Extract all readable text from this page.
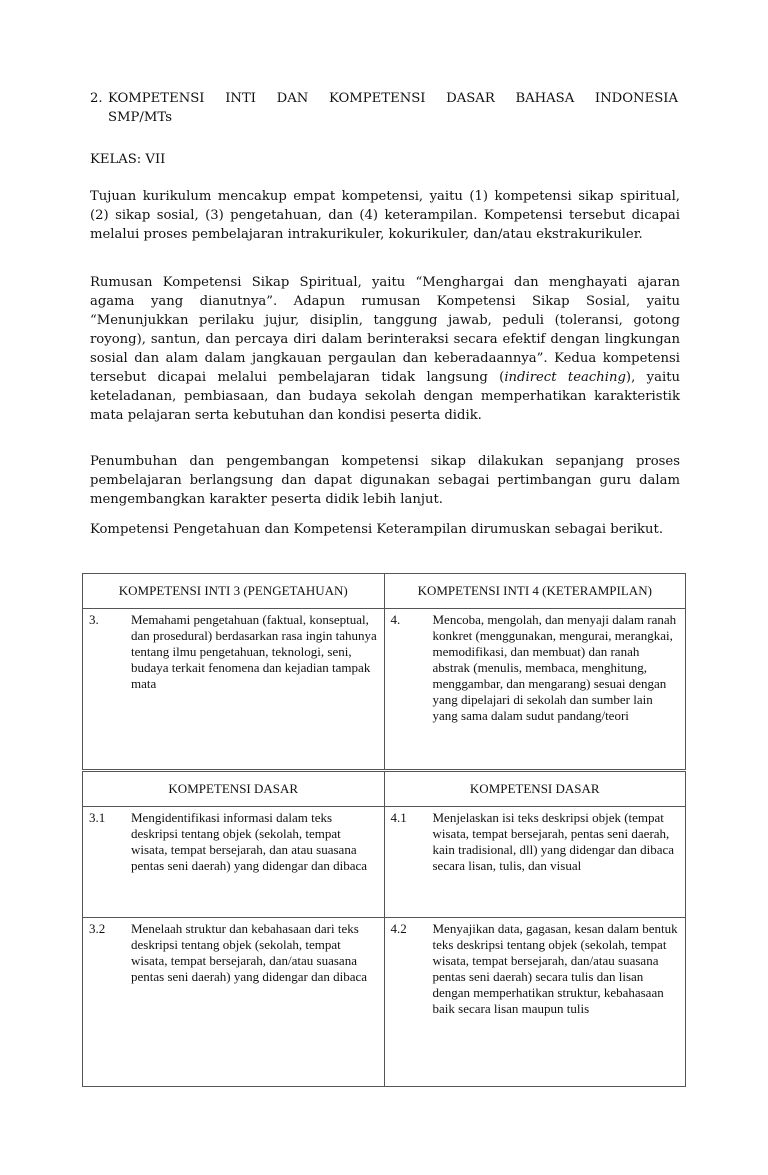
2. KOMPETENSI INTI DAN KOMPETENSI DASAR BAHASA INDONESIA
SMP/MTs

KELAS: VII

Tujuan kurikulum mencakup empat kompetensi, yaitu (1) kompetensi sikap spiritual, (2) sikap sosial, (3) pengetahuan, dan (4) keterampilan. Kompetensi tersebut dicapai melalui proses pembelajaran intrakurikuler, kokurikuler, dan/atau ekstrakurikuler.

Rumusan Kompetensi Sikap Spiritual, yaitu “Menghargai dan menghayati ajaran agama yang dianutnya”. Adapun rumusan Kompetensi Sikap Sosial, yaitu “Menunjukkan perilaku jujur, disiplin, tanggung jawab, peduli (toleransi, gotong royong), santun, dan percaya diri dalam berinteraksi secara efektif dengan lingkungan sosial dan alam dalam jangkauan pergaulan dan keberadaannya”. Kedua kompetensi tersebut dicapai melalui pembelajaran tidak langsung (indirect teaching), yaitu keteladanan, pembiasaan, dan budaya sekolah dengan memperhatikan karakteristik mata pelajaran serta kebutuhan dan kondisi peserta didik.

Penumbuhan dan pengembangan kompetensi sikap dilakukan sepanjang proses pembelajaran berlangsung dan dapat digunakan sebagai pertimbangan guru dalam mengembangkan karakter peserta didik lebih lanjut.

Kompetensi Pengetahuan dan Kompetensi Keterampilan dirumuskan sebagai berikut.

KOMPETENSI INTI 3 (PENGETAHUAN)	KOMPETENSI INTI 4 (KETERAMPILAN)

3. Memahami pengetahuan (faktual, konseptual, dan prosedural) berdasarkan rasa ingin tahunya tentang ilmu pengetahuan, teknologi, seni, budaya terkait fenomena dan kejadian tampak mata	4. Mencoba, mengolah, dan menyaji dalam ranah konkret (menggunakan, mengurai, merangkai, memodifikasi, dan membuat) dan ranah abstrak (menulis, membaca, menghitung, menggambar, dan mengarang) sesuai dengan yang dipelajari di sekolah dan sumber lain yang sama dalam sudut pandang/teori
KOMPETENSI DASAR	KOMPETENSI DASAR

3.1 Mengidentifikasi informasi dalam teks deskripsi tentang objek (sekolah, tempat wisata, tempat bersejarah, dan atau suasana pentas seni daerah) yang didengar dan dibaca	4.1 Menjelaskan isi teks deskripsi objek (tempat wisata, tempat bersejarah, pentas seni daerah, kain tradisional, dll) yang didengar dan dibaca secara lisan, tulis, dan visual

3.2 Menelaah struktur dan kebahasaan dari teks deskripsi tentang objek (sekolah, tempat wisata, tempat bersejarah, dan/atau suasana pentas seni daerah) yang didengar dan dibaca	4.2 Menyajikan data, gagasan, kesan dalam bentuk teks deskripsi tentang objek (sekolah, tempat wisata, tempat bersejarah, dan/atau suasana pentas seni daerah) secara tulis dan lisan dengan memperhatikan struktur, kebahasaan baik secara lisan maupun tulis
